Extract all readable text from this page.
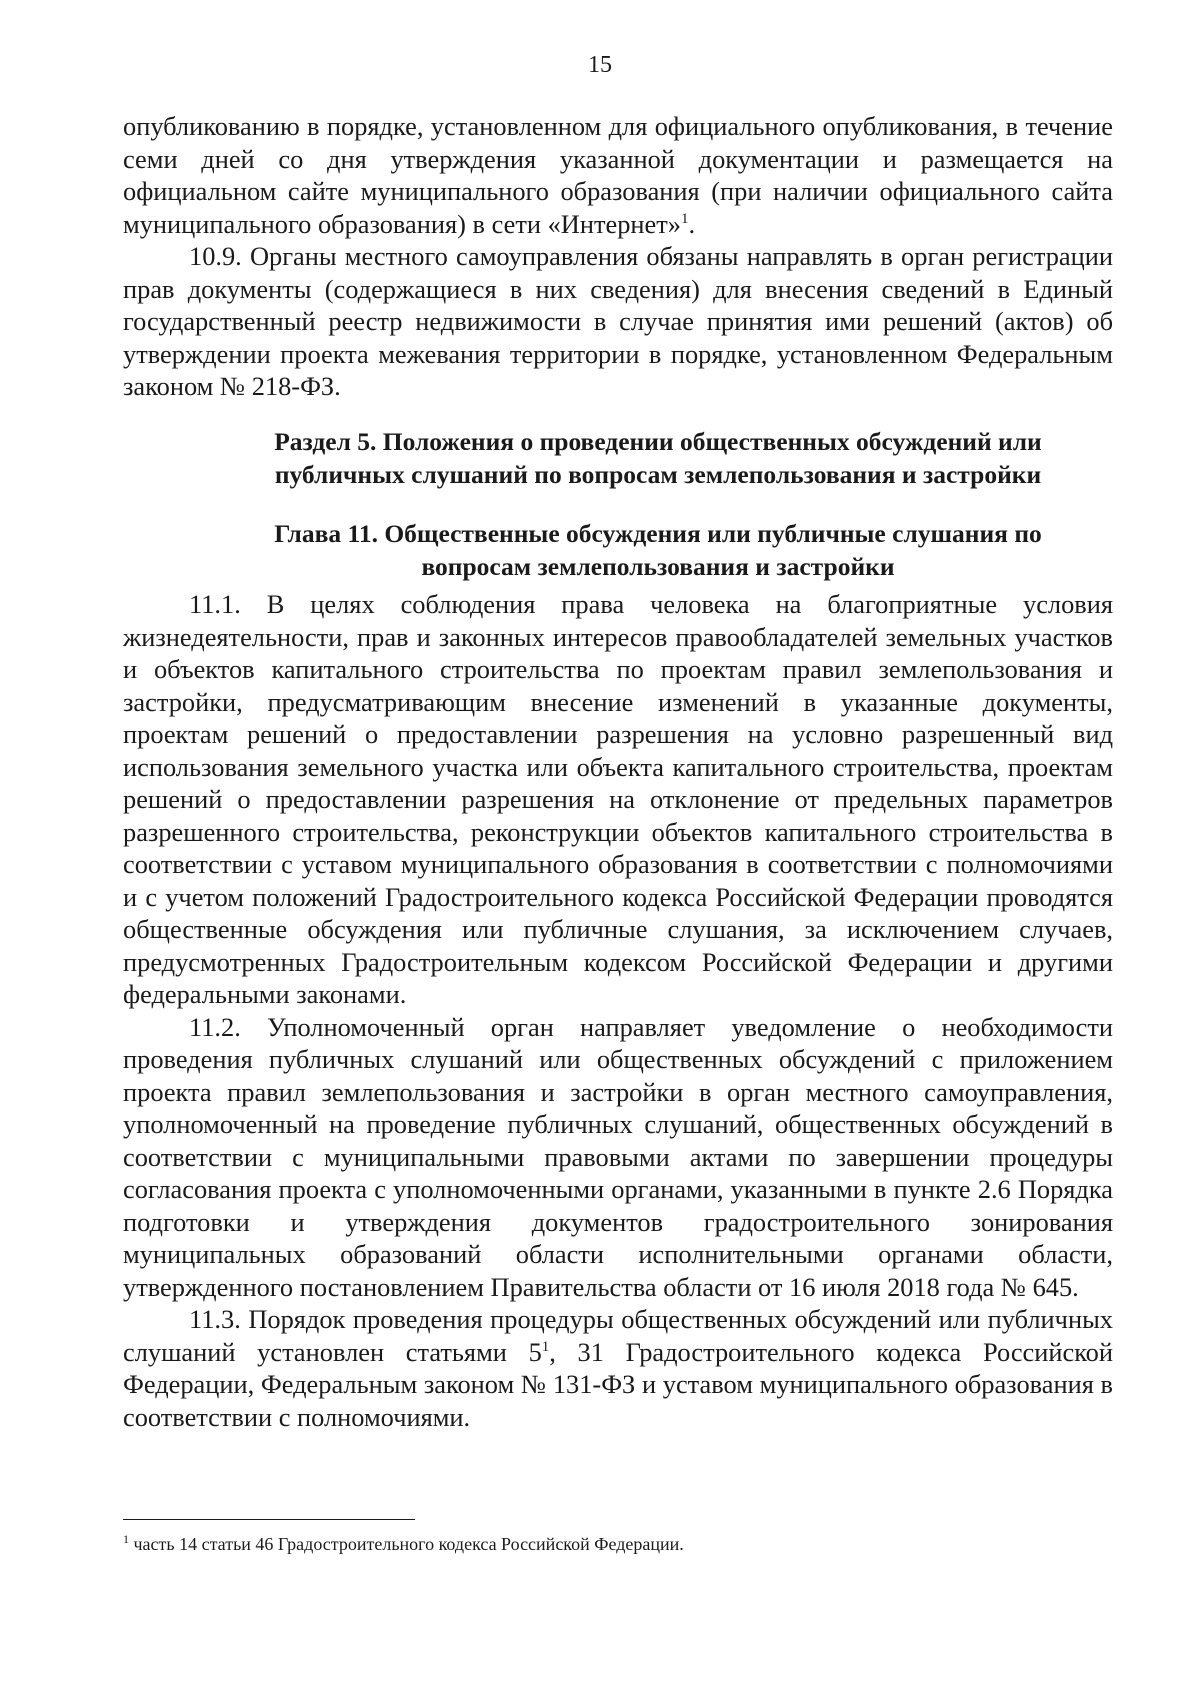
15

опубликованию в порядке, установленном для официального опубликования, в течение семи дней со дня утверждения указанной документации и размещается на официальном сайте муниципального образования (при наличии официального сайта муниципального образования) в сети «Интернет»$^1$.

10.9. Органы местного самоуправления обязаны направлять в орган регистрации прав документы (содержащиеся в них сведения) для внесения сведений в Единый государственный реестр недвижимости в случае принятия ими решений (актов) об утверждении проекта межевания территории в порядке, установленном Федеральным законом № 218-ФЗ.

Раздел 5. Положения о проведении общественных обсуждений или

публичных слушаний по вопросам землепользования и застройки

Глава 11. Общественные обсуждения или публичные слушания по

вопросам землепользования и застройки

11.1. В целях соблюдения права человека на благоприятные условия жизнедеятельности, прав и законных интересов правообладателей земельных участков и объектов капитального строительства по проектам правил землепользования и застройки, предусматривающим внесение изменений в указанные документы, проектам решений о предоставлении разрешения на условно разрешенный вид использования земельного участка или объекта капитального строительства, проектам решений о предоставлении разрешения на отклонение от предельных параметров разрешенного строительства, реконструкции объектов капитального строительства в соответствии с уставом муниципального образования в соответствии с полномочиями и с учетом положений Градостроительного кодекса Российской Федерации проводятся общественные обсуждения или публичные слушания, за исключением случаев, предусмотренных Градостроительным кодексом Российской Федерации и другими федеральными законами.

11.2. Уполномоченный орган направляет уведомление о необходимости проведения публичных слушаний или общественных обсуждений с приложением проекта правил землепользования и застройки в орган местного самоуправления, уполномоченный на проведение публичных слушаний, общественных обсуждений в соответствии с муниципальными правовыми актами по завершении процедуры согласования проекта с уполномоченными органами, указанными в пункте 2.6 Порядка подготовки и утверждения документов градостроительного зонирования муниципальных образований области исполнительными органами области, утвержденного постановлением Правительства области от 16 июля 2018 года № 645.

11.3. Порядок проведения процедуры общественных обсуждений или публичных слушаний установлен статьями $5^1$, 31 Градостроительного кодекса Российской Федерации, Федеральным законом № 131-ФЗ и уставом муниципального образования в соответствии с полномочиями.

$^1$ часть 14 статьи 46 Градостроительного кодекса Российской Федерации.
